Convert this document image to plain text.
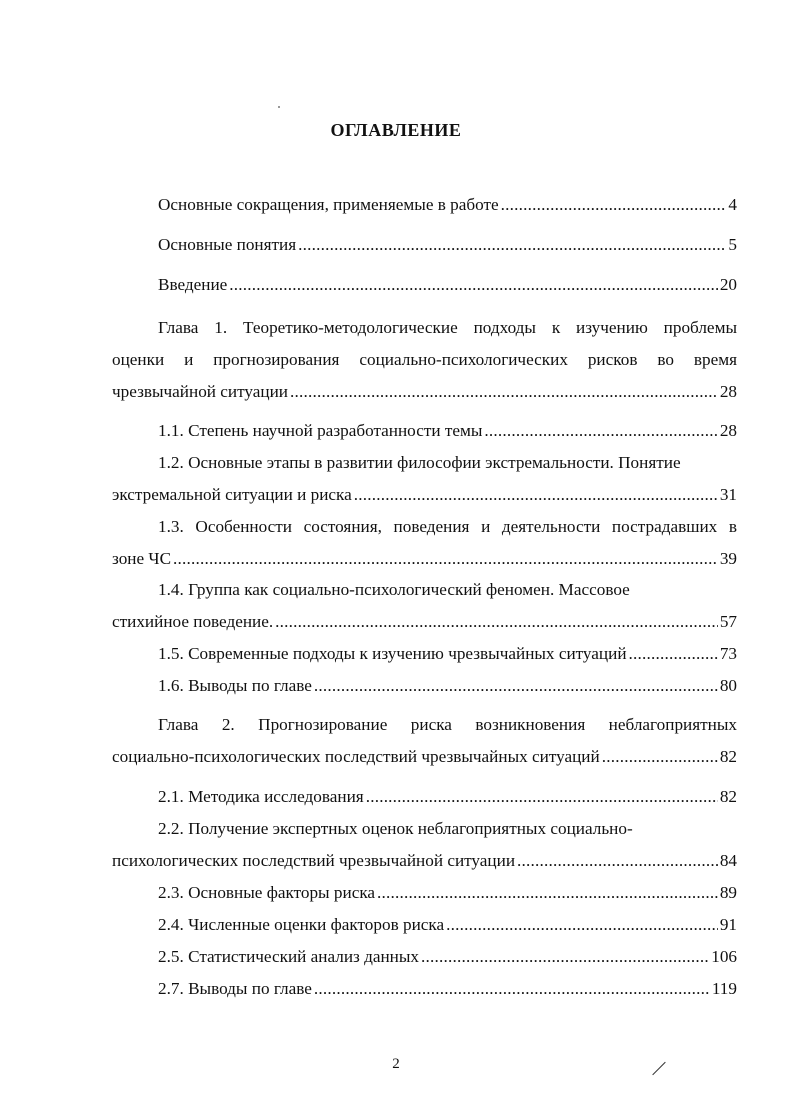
ОГЛАВЛЕНИЕ
Основные сокращения, применяемые в работе .....	4
Основные понятия .....	5
Введение .....	20
Глава 1. Теоретико-методологические подходы к изучению проблемы
оценки и прогнозирования социально-психологических рисков во время
чрезвычайной ситуации .....	28
1.1. Степень научной разработанности темы .....	28
1.2. Основные этапы в развитии философии экстремальности. Понятие
экстремальной ситуации и риска .....	31
1.3. Особенности состояния, поведения и деятельности пострадавших в
зоне ЧС .....	39
1.4. Группа как социально-психологический феномен. Массовое
стихийное поведение. .....	57
1.5. Современные подходы к изучению чрезвычайных ситуаций .....	73
1.6. Выводы по главе .....	80
Глава 2. Прогнозирование риска возникновения неблагоприятных
социально-психологических последствий чрезвычайных ситуаций .....	82
2.1. Методика исследования .....	82
2.2. Получение экспертных оценок неблагоприятных социально-
психологических последствий чрезвычайной ситуации .....	84
2.3. Основные факторы риска .....	89
2.4. Численные оценки факторов риска .....	91
2.5. Статистический анализ данных .....	106
2.7. Выводы по главе .....	119
2
